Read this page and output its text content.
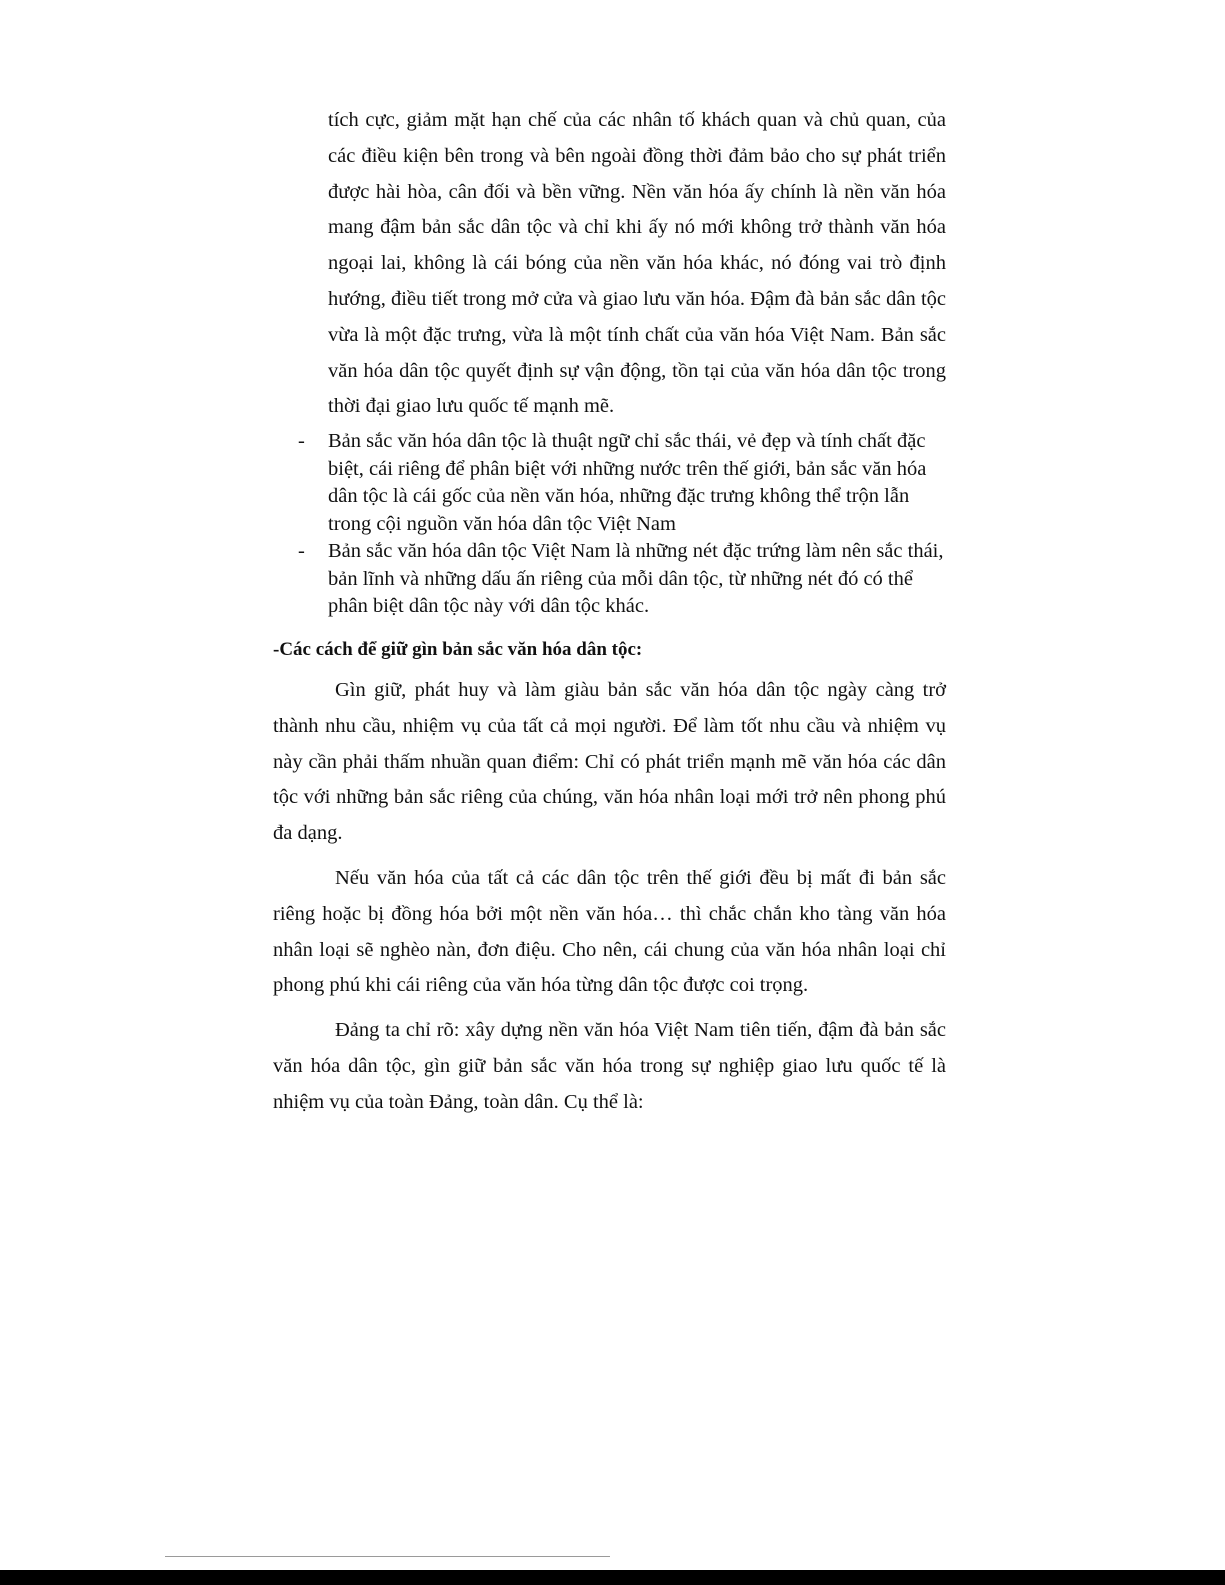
tích cực, giảm mặt hạn chế của các nhân tố khách quan và chủ quan, của các điều kiện bên trong và bên ngoài đồng thời đảm bảo cho sự phát triển được hài hòa, cân đối và bền vững. Nền văn hóa ấy chính là nền văn hóa mang đậm bản sắc dân tộc và chỉ khi ấy nó mới không trở thành văn hóa ngoại lai, không là cái bóng của nền văn hóa khác, nó đóng vai trò định hướng, điều tiết trong mở cửa và giao lưu văn hóa. Đậm đà bản sắc dân tộc vừa là một đặc trưng, vừa là một tính chất của văn hóa Việt Nam. Bản sắc văn hóa dân tộc quyết định sự vận động, tồn tại của văn hóa dân tộc trong thời đại giao lưu quốc tế mạnh mẽ.

- Bản sắc văn hóa dân tộc là thuật ngữ chỉ sắc thái, vẻ đẹp và tính chất đặc biệt, cái riêng để phân biệt với những nước trên thế giới, bản sắc văn hóa dân tộc là cái gốc của nền văn hóa, những đặc trưng không thể trộn lẫn trong cội nguồn văn hóa dân tộc Việt Nam
- Bản sắc văn hóa dân tộc Việt Nam là những nét đặc trứng làm nên sắc thái, bản lĩnh và những dấu ấn riêng của mỗi dân tộc, từ những nét đó có thể phân biệt dân tộc này với dân tộc khác.

-Các cách để giữ gìn bản sắc văn hóa dân tộc:

Gìn giữ, phát huy và làm giàu bản sắc văn hóa dân tộc ngày càng trở thành nhu cầu, nhiệm vụ của tất cả mọi người. Để làm tốt nhu cầu và nhiệm vụ này cần phải thấm nhuần quan điểm: Chỉ có phát triển mạnh mẽ văn hóa các dân tộc với những bản sắc riêng của chúng, văn hóa nhân loại mới trở nên phong phú đa dạng.

Nếu văn hóa của tất cả các dân tộc trên thế giới đều bị mất đi bản sắc riêng hoặc bị đồng hóa bởi một nền văn hóa… thì chắc chắn kho tàng văn hóa nhân loại sẽ nghèo nàn, đơn điệu. Cho nên, cái chung của văn hóa nhân loại chỉ phong phú khi cái riêng của văn hóa từng dân tộc được coi trọng.

Đảng ta chỉ rõ: xây dựng nền văn hóa Việt Nam tiên tiến, đậm đà bản sắc văn hóa dân tộc, gìn giữ bản sắc văn hóa trong sự nghiệp giao lưu quốc tế là nhiệm vụ của toàn Đảng, toàn dân. Cụ thể là:
